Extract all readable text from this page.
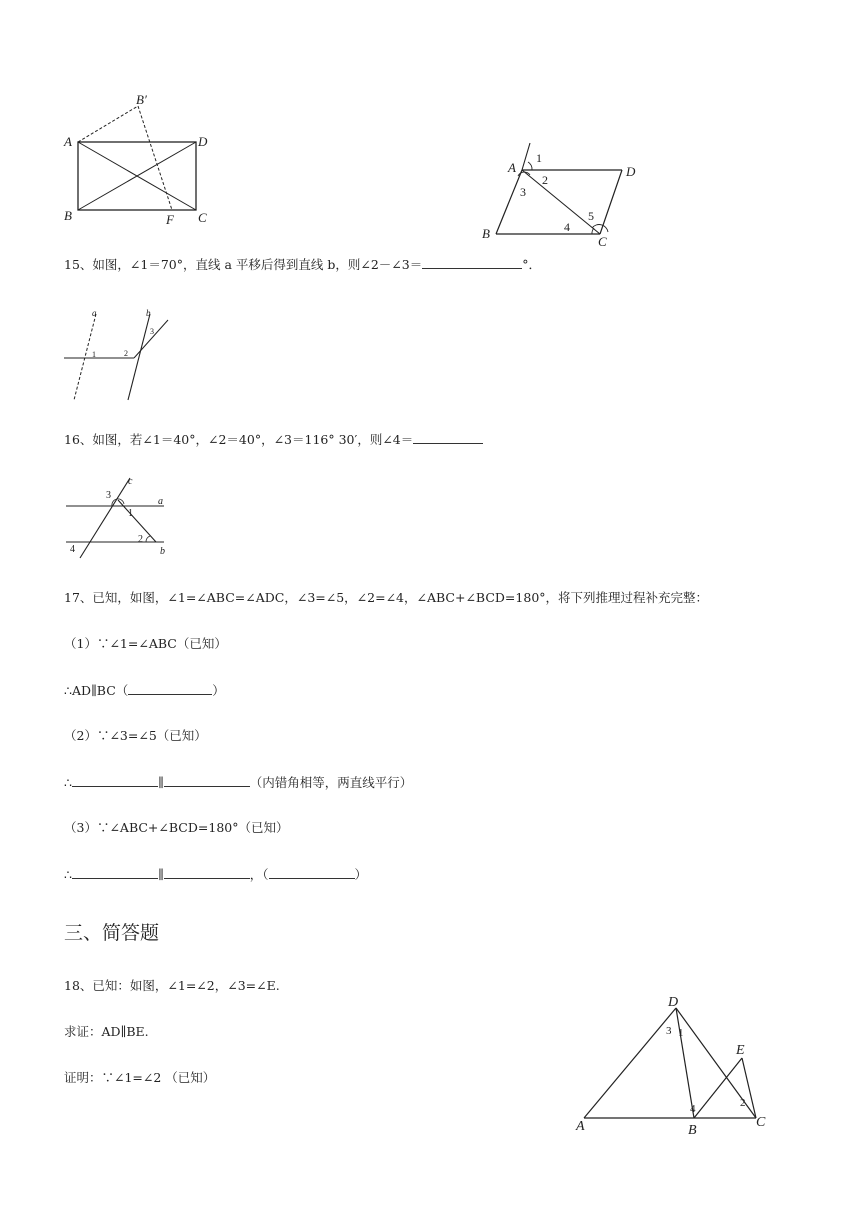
A
B	C
D
B′
F
A
B
C
D
1
2
3
4
5
15、如图，∠1＝70°，直线 a 平移后得到直线 b，则∠2－∠3＝	°．
a	b
1	2
3
16、如图，若∠1＝40°，∠2＝40°，∠3＝116° 30′，则∠4＝
c
a
b
3
1
2
4
17、已知，如图，∠1=∠ABC=∠ADC，∠3=∠5，∠2=∠4，∠ABC+∠BCD=180°，将下列推理过程补充完整：
（1）∵∠1=∠ABC（已知）
∴AD∥BC（	）
（2）∵∠3=∠5（已知）
∴	∥	（内错角相等，两直线平行）
（3）∵∠ABC+∠BCD=180°（已知）
∴	∥	，（	）
三、简答题
18、已知：如图，∠1=∠2，∠3=∠E.
求证：AD∥BE.
证明：∵∠1=∠2 （已知）
A	B
C
D
E
3 1
4	2
